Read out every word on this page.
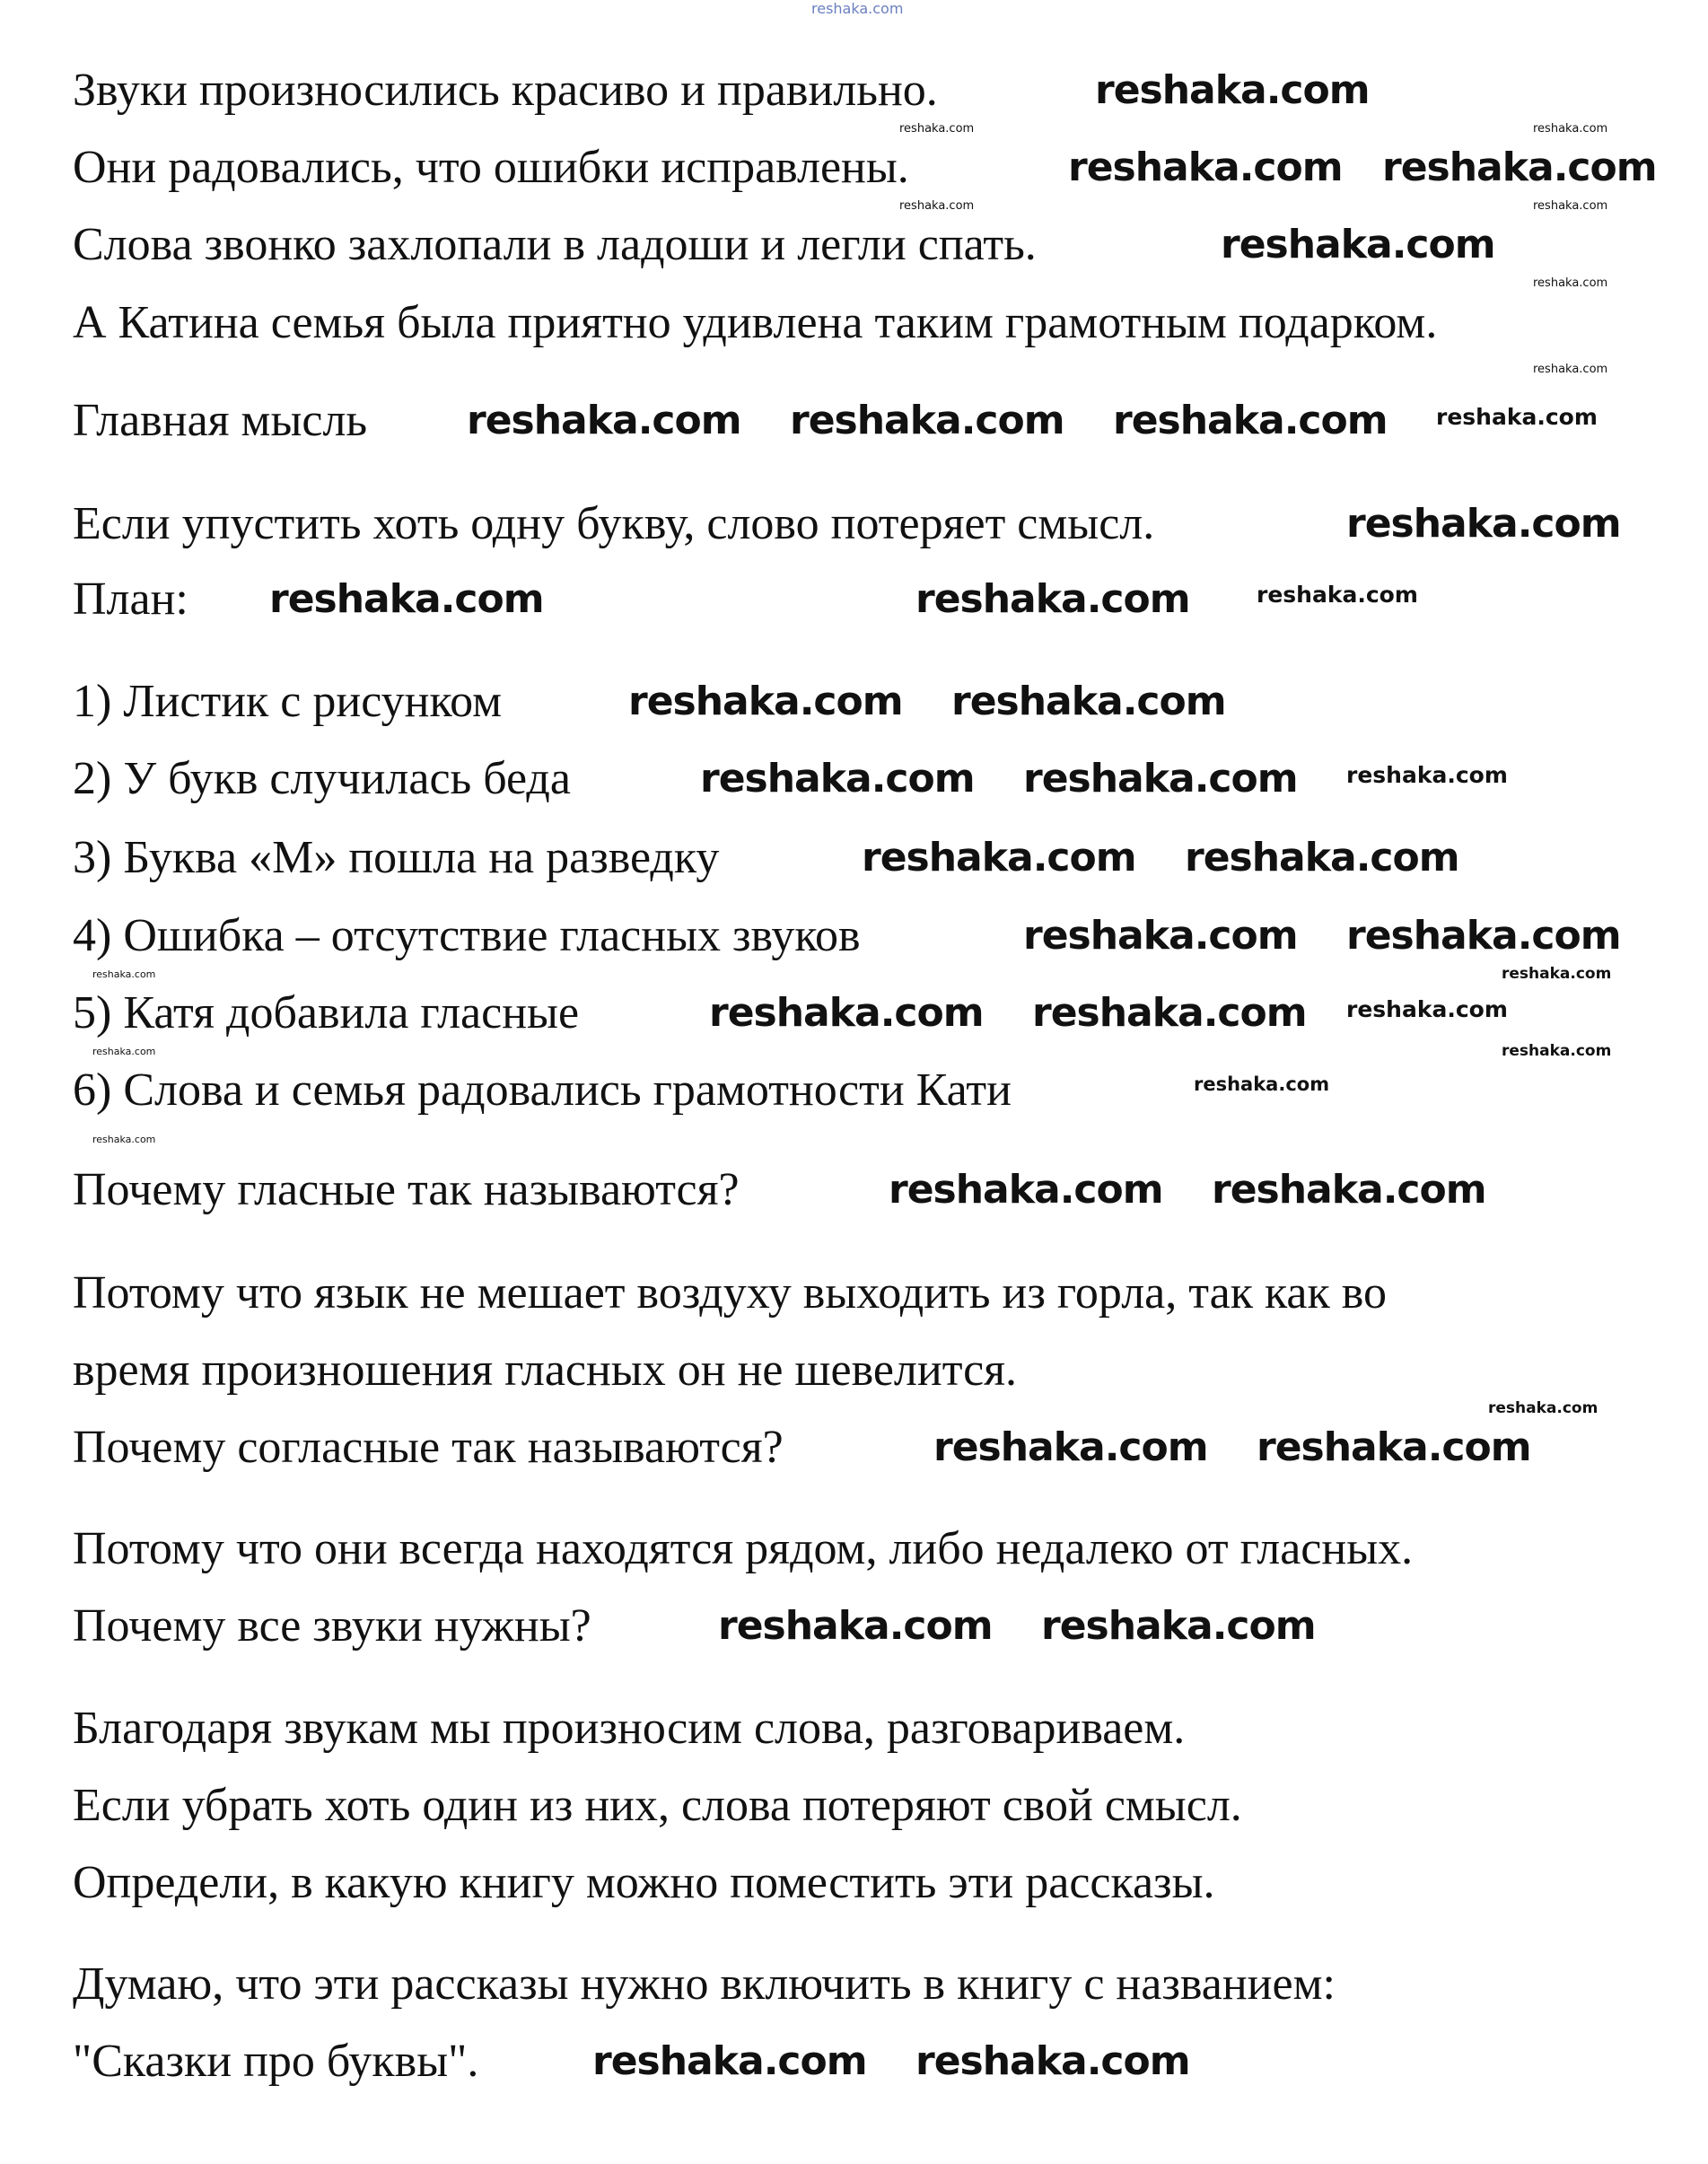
Звуки произносились красиво и правильно.
Они радовались, что ошибки исправлены.
Слова звонко захлопали в ладоши и легли спать.
А Катина семья была приятно удивлена таким грамотным подарком.
Главная мысль
Если упустить хоть одну букву, слово потеряет смысл.
План:
1) Листик с рисунком
2) У букв случилась беда
3) Буква «М» пошла на разведку
4) Ошибка – отсутствие гласных звуков
5) Катя добавила гласные
6) Слова и семья радовались грамотности Кати
Почему гласные так называются?
Потому что язык не мешает воздуху выходить из горла, так как во
время произношения гласных он не шевелится.
Почему согласные так называются?
Потому что они всегда находятся рядом, либо недалеко от гласных.
Почему все звуки нужны?
Благодаря звукам мы произносим слова, разговариваем.
Если убрать хоть один из них, слова потеряют свой смысл.
Определи, в какую книгу можно поместить эти рассказы.
Думаю, что эти рассказы нужно включить в книгу с названием:
"Сказки про буквы".
reshaka.com
reshaka.com
reshaka.com reshaka.com
reshaka.com
reshaka.com reshaka.com reshaka.com
reshaka.com
reshaka.com	reshaka.com
reshaka.com reshaka.com
reshaka.com reshaka.com
reshaka.com reshaka.com
reshaka.com reshaka.com
reshaka.com reshaka.com
reshaka.com reshaka.com
reshaka.com reshaka.com
reshaka.com reshaka.com
reshaka.com reshaka.com
reshaka.com
reshaka.com
reshaka.com
reshaka.com
reshaka.com
reshaka.com
reshaka.com
reshaka.com
reshaka.com
reshaka.com
reshaka.com
reshaka.com
reshaka.com
reshaka.com
reshaka.com
reshaka.com
reshaka.com
